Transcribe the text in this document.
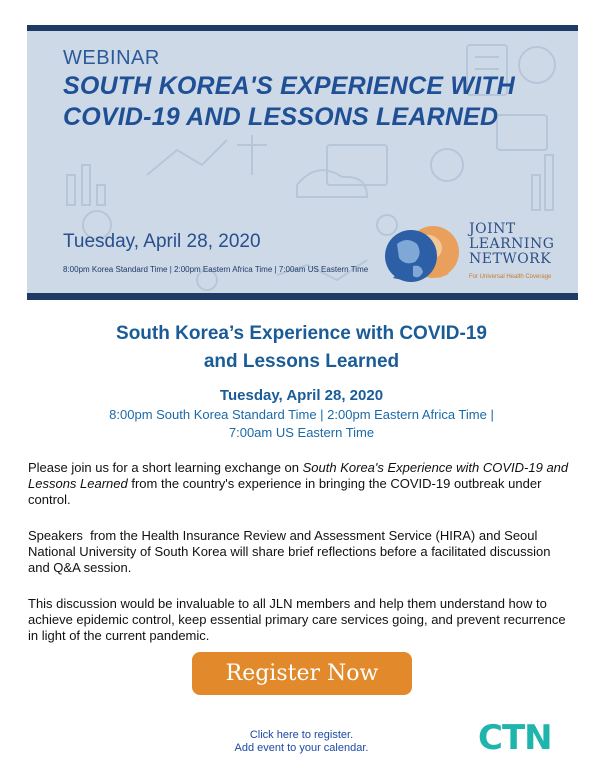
WEBINAR
SOUTH KOREA'S EXPERIENCE WITH
COVID-19 AND LESSONS LEARNED
Tuesday, April 28, 2020
8:00pm Korea Standard Time | 2:00pm Eastern Africa Time | 7:00am US Eastern Time
JOINT
LEARNING
NETWORK
For Universal Health Coverage
South Korea’s Experience with COVID-19
and Lessons Learned
Tuesday, April 28, 2020
8:00pm South Korea Standard Time | 2:00pm Eastern Africa Time |
7:00am US Eastern Time
Please join us for a short learning exchange on South Korea's Experience with COVID-19 and Lessons Learned from the country's experience in bringing the COVID-19 outbreak under control.
Speakers  from the Health Insurance Review and Assessment Service (HIRA) and Seoul National University of South Korea will share brief reflections before a facilitated discussion and Q&A session.
This discussion would be invaluable to all JLN members and help them understand how to achieve epidemic control, keep essential primary care services going, and prevent recurrence in light of the current pandemic.
Register Now
Click here to register.
Add event to your calendar.	CTN
